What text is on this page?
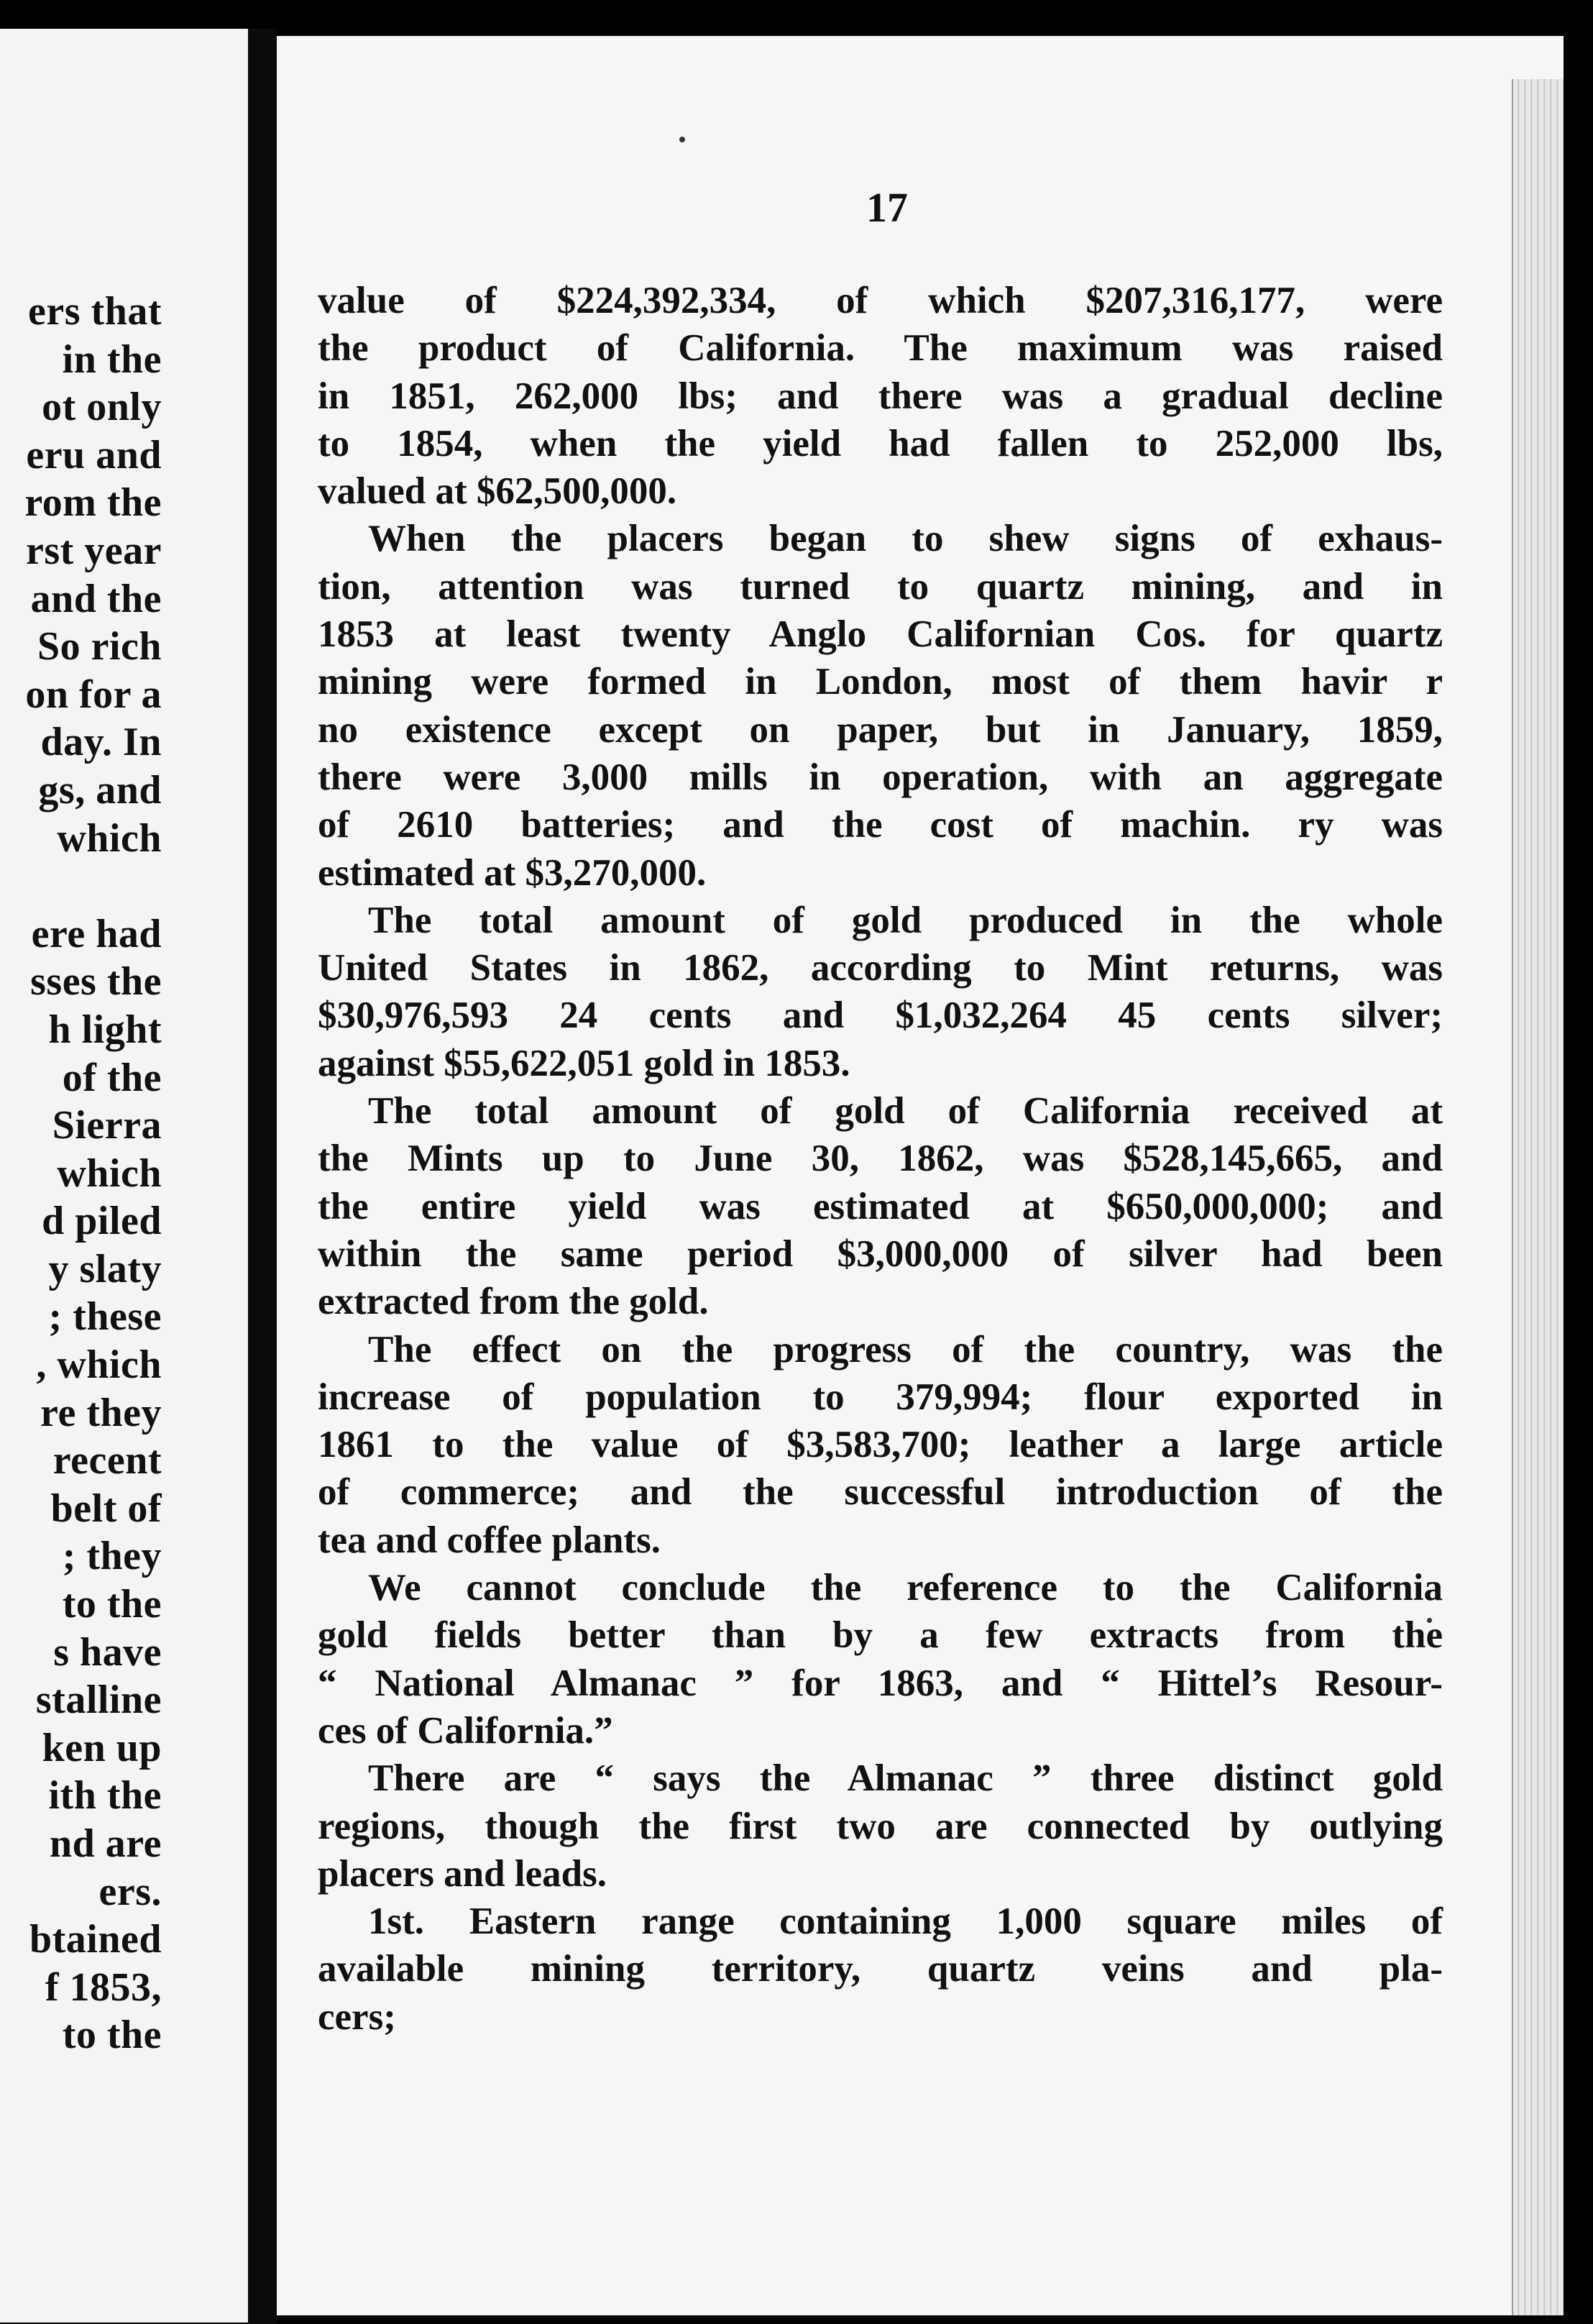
ers that
in the
ot only
eru and
rom the
rst year
and the
So rich
on for a
day. In
gs, and
which
ere had
sses the
h light
of the
Sierra
which
d piled
y slaty
; these
, which
re they
recent
belt of
; they
to the
s have
stalline
ken up
ith the
nd are
ers.
btained
f 1853,
to the
17
value of $224,392,334, of which $207,316,177, were
the product of California. The maximum was raised
in 1851, 262,000 lbs; and there was a gradual decline
to 1854, when the yield had fallen to 252,000 lbs,
valued at $62,500,000.
When the placers began to shew signs of exhaus-
tion, attention was turned to quartz mining, and in
1853 at least twenty Anglo Californian Cos. for quartz
mining were formed in London, most of them havir r
no existence except on paper, but in January, 1859,
there were 3,000 mills in operation, with an aggregate
of 2610 batteries; and the cost of machin. ry was
estimated at $3,270,000.
The total amount of gold produced in the whole
United States in 1862, according to Mint returns, was
$30,976,593 24 cents and $1,032,264 45 cents silver;
against $55,622,051 gold in 1853.
The total amount of gold of California received at
the Mints up to June 30, 1862, was $528,145,665, and
the entire yield was estimated at $650,000,000; and
within the same period $3,000,000 of silver had been
extracted from the gold.
The effect on the progress of the country, was the
increase of population to 379,994; flour exported in
1861 to the value of $3,583,700; leather a large article
of commerce; and the successful introduction of the
tea and coffee plants.
We cannot conclude the reference to the California
gold fields better than by a few extracts from the
“ National Almanac ” for 1863, and “ Hittel’s Resour-
ces of California.”
There are “ says the Almanac ” three distinct gold
regions, though the first two are connected by outlying
placers and leads.
1st. Eastern range containing 1,000 square miles of
available mining territory, quartz veins and pla-
cers;
